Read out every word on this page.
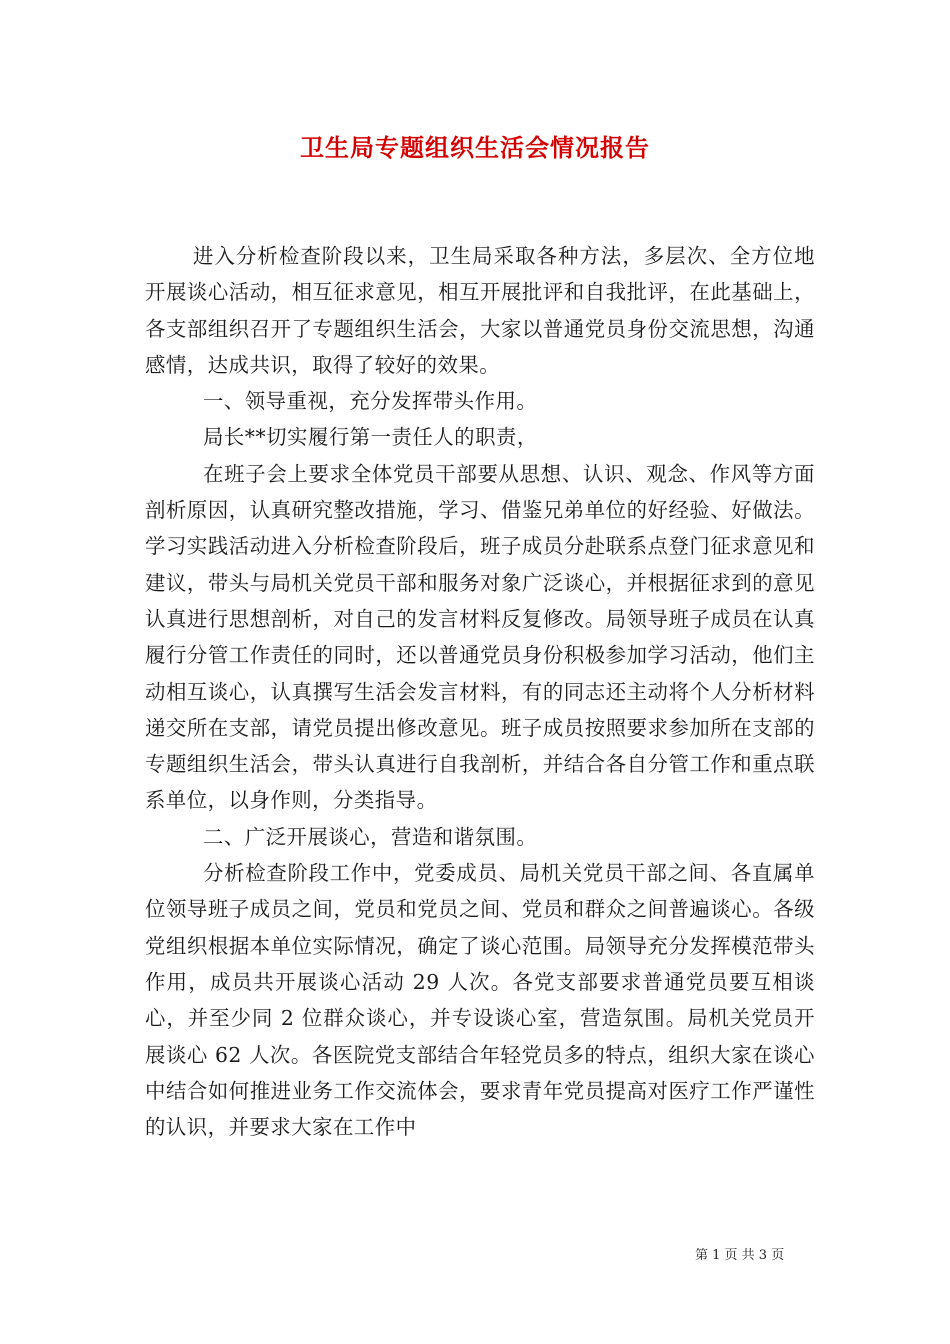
卫生局专题组织生活会情况报告

进入分析检查阶段以来，卫生局采取各种方法，多层次、全方位地开展谈心活动，相互征求意见，相互开展批评和自我批评，在此基础上，各支部组织召开了专题组织生活会，大家以普通党员身份交流思想，沟通感情，达成共识，取得了较好的效果。

一、领导重视，充分发挥带头作用。

局长**切实履行第一责任人的职责，

在班子会上要求全体党员干部要从思想、认识、观念、作风等方面剖析原因，认真研究整改措施，学习、借鉴兄弟单位的好经验、好做法。学习实践活动进入分析检查阶段后，班子成员分赴联系点登门征求意见和建议，带头与局机关党员干部和服务对象广泛谈心，并根据征求到的意见认真进行思想剖析，对自己的发言材料反复修改。局领导班子成员在认真履行分管工作责任的同时，还以普通党员身份积极参加学习活动，他们主动相互谈心，认真撰写生活会发言材料，有的同志还主动将个人分析材料递交所在支部，请党员提出修改意见。班子成员按照要求参加所在支部的专题组织生活会，带头认真进行自我剖析，并结合各自分管工作和重点联系单位，以身作则，分类指导。

二、广泛开展谈心，营造和谐氛围。

分析检查阶段工作中，党委成员、局机关党员干部之间、各直属单位领导班子成员之间，党员和党员之间、党员和群众之间普遍谈心。各级党组织根据本单位实际情况，确定了谈心范围。局领导充分发挥模范带头作用，成员共开展谈心活动 29 人次。各党支部要求普通党员要互相谈心，并至少同 2 位群众谈心，并专设谈心室，营造氛围。局机关党员开展谈心 62 人次。各医院党支部结合年轻党员多的特点，组织大家在谈心中结合如何推进业务工作交流体会，要求青年党员提高对医疗工作严谨性的认识，并要求大家在工作中

第 1 页 共 3 页
